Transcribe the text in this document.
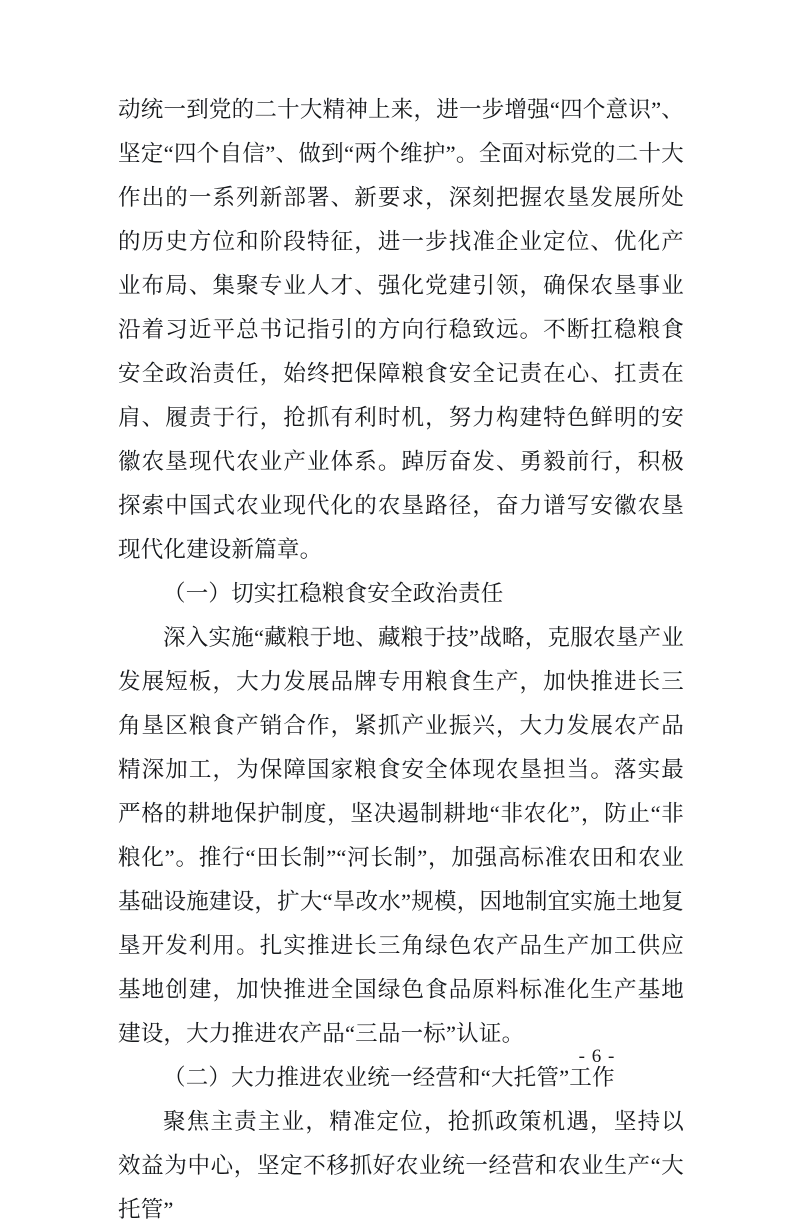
动统一到党的二十大精神上来，进一步增强“四个意识”、坚定“四个自信”、做到“两个维护”。全面对标党的二十大作出的一系列新部署、新要求，深刻把握农垦发展所处的历史方位和阶段特征，进一步找准企业定位、优化产业布局、集聚专业人才、强化党建引领，确保农垦事业沿着习近平总书记指引的方向行稳致远。不断扛稳粮食安全政治责任，始终把保障粮食安全记责在心、扛责在肩、履责于行，抢抓有利时机，努力构建特色鲜明的安徽农垦现代农业产业体系。踔厉奋发、勇毅前行，积极探索中国式农业现代化的农垦路径，奋力谱写安徽农垦现代化建设新篇章。

（一）切实扛稳粮食安全政治责任

深入实施“藏粮于地、藏粮于技”战略，克服农垦产业发展短板，大力发展品牌专用粮食生产，加快推进长三角垦区粮食产销合作，紧抓产业振兴，大力发展农产品精深加工，为保障国家粮食安全体现农垦担当。落实最严格的耕地保护制度，坚决遏制耕地“非农化”，防止“非粮化”。推行“田长制”“河长制”，加强高标准农田和农业基础设施建设，扩大“旱改水”规模，因地制宜实施土地复垦开发利用。扎实推进长三角绿色农产品生产加工供应基地创建，加快推进全国绿色食品原料标准化生产基地建设，大力推进农产品“三品一标”认证。

（二）大力推进农业统一经营和“大托管”工作

聚焦主责主业，精准定位，抢抓政策机遇，坚持以效益为中心，坚定不移抓好农业统一经营和农业生产“大托管”

- 6 -
